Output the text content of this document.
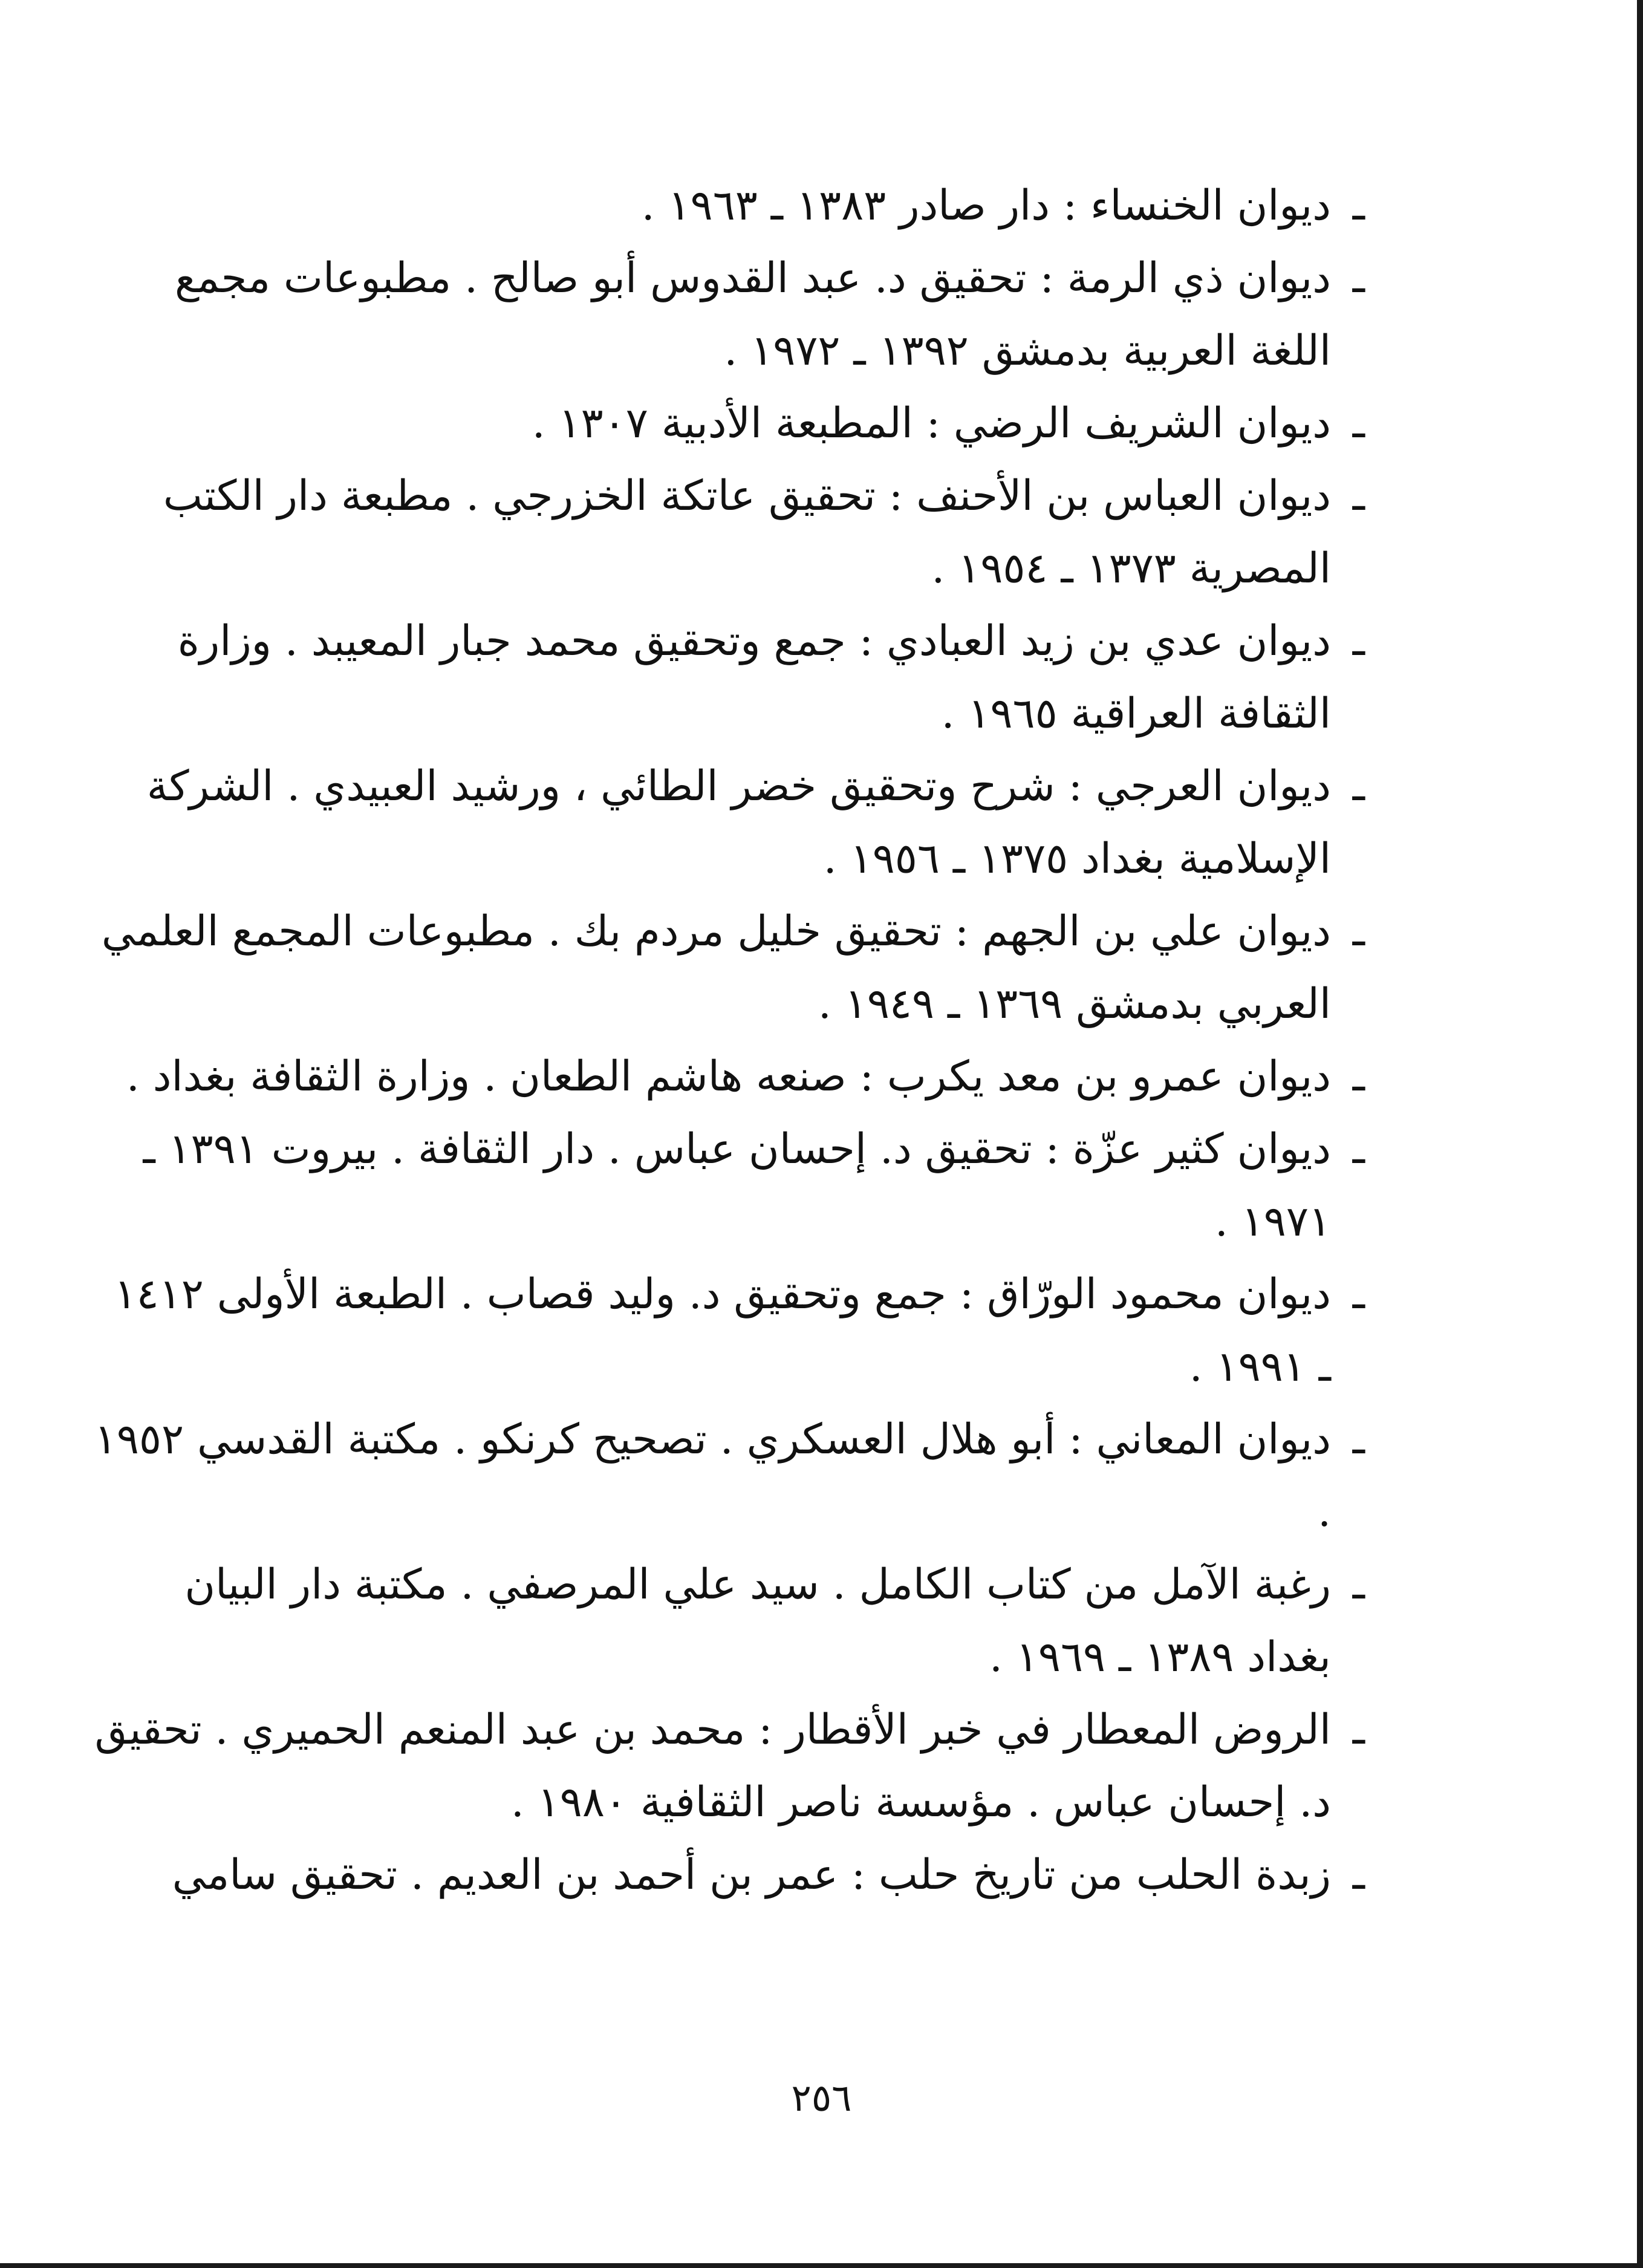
ـ
ديوان الخنساء : دار صادر ١٣٨٣ ـ ١٩٦٣ .

ـ
ديوان ذي الرمة : تحقيق د. عبد القدوس أبو صالح . مطبوعات مجمع اللغة العربية بدمشق ١٣٩٢ ـ ١٩٧٢ .

ـ
ديوان الشريف الرضي : المطبعة الأدبية ١٣٠٧ .

ـ
ديوان العباس بن الأحنف : تحقيق عاتكة الخزرجي . مطبعة دار الكتب المصرية ١٣٧٣ ـ ١٩٥٤ .

ـ
ديوان عدي بن زيد العبادي : جمع وتحقيق محمد جبار المعيبد . وزارة الثقافة العراقية ١٩٦٥ .

ـ
ديوان العرجي : شرح وتحقيق خضر الطائي ، ورشيد العبيدي . الشركة الإسلامية بغداد ١٣٧٥ ـ ١٩٥٦ .

ـ
ديوان علي بن الجهم : تحقيق خليل مردم بك . مطبوعات المجمع العلمي العربي بدمشق ١٣٦٩ ـ ١٩٤٩ .

ـ
ديوان عمرو بن معد يكرب : صنعه هاشم الطعان . وزارة الثقافة بغداد .

ـ
ديوان كثير عزّة : تحقيق د. إحسان عباس . دار الثقافة . بيروت ١٣٩١ ـ ١٩٧١ .

ـ
ديوان محمود الورّاق : جمع وتحقيق د. وليد قصاب . الطبعة الأولى ١٤١٢ ـ ١٩٩١ .

ـ
ديوان المعاني : أبو هلال العسكري . تصحيح كرنكو . مكتبة القدسي ١٩٥٢ .

ـ
رغبة الآمل من كتاب الكامل . سيد علي المرصفي . مكتبة دار البيان بغداد ١٣٨٩ ـ ١٩٦٩ .

ـ
الروض المعطار في خبر الأقطار : محمد بن عبد المنعم الحميري . تحقيق د. إحسان عباس . مؤسسة ناصر الثقافية ١٩٨٠ .

ـ
زبدة الحلب من تاريخ حلب : عمر بن أحمد بن العديم . تحقيق سامي

٢٥٦
